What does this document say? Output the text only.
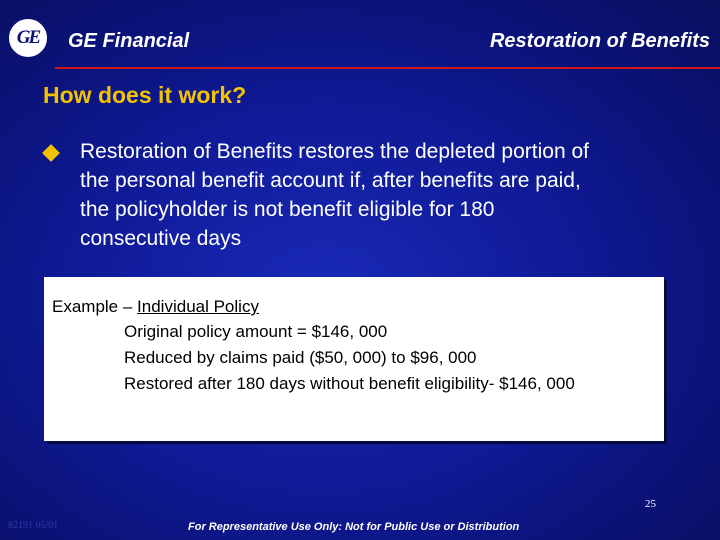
GE GE Financial	Restoration of Benefits
How does it work?
Restoration of Benefits restores the depleted portion of the personal benefit account if, after benefits are paid, the policyholder is not benefit eligible for 180 consecutive days
Example – Individual Policy
Original policy amount = $146, 000
Reduced by claims paid ($50, 000) to $96, 000
Restored after 180 days without benefit eligibility- $146, 000
25
82191 05/01	For Representative Use Only: Not for Public Use or Distribution
